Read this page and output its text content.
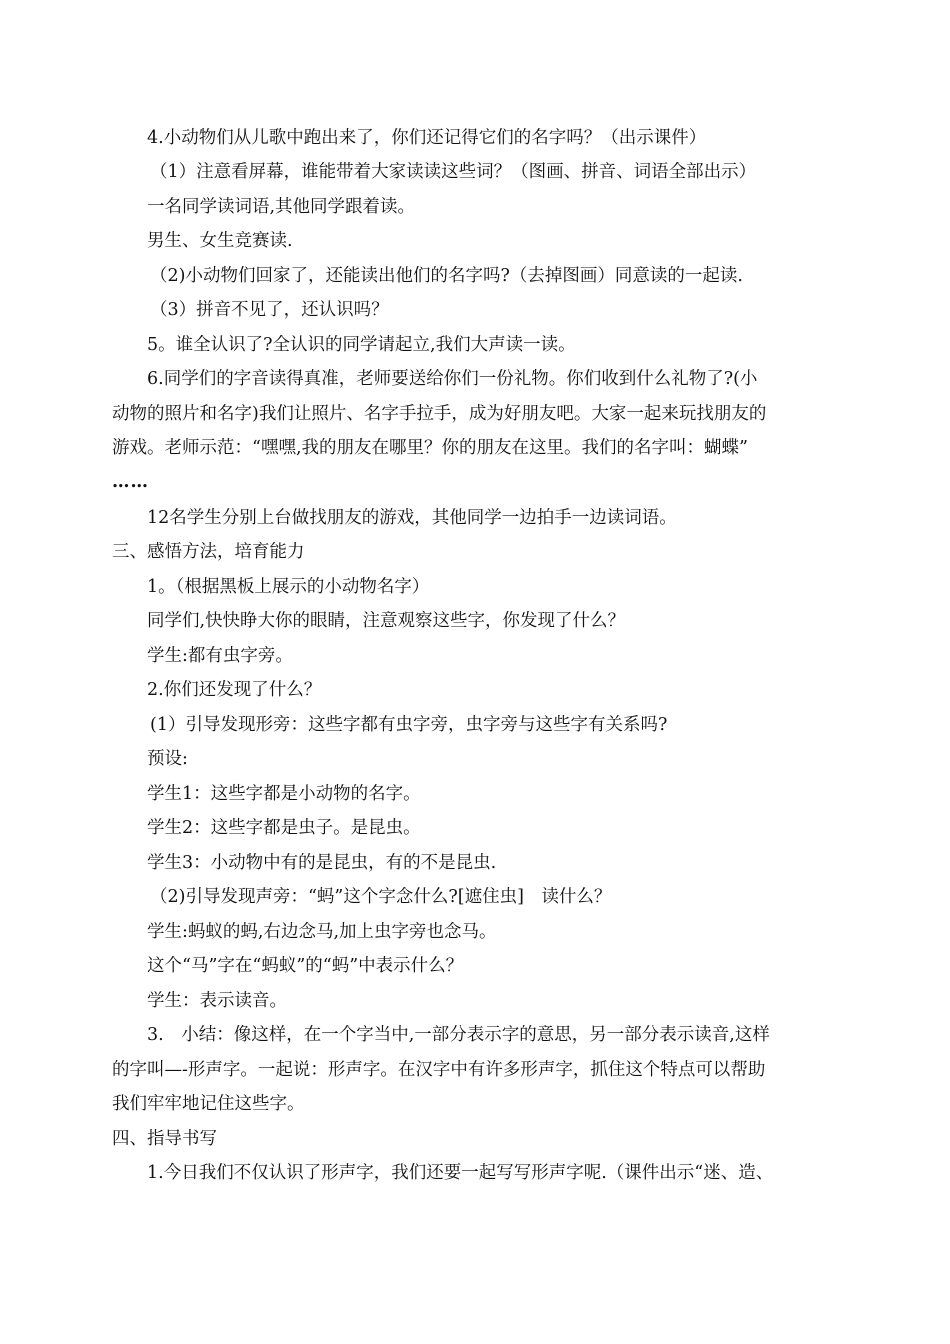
4.小动物们从儿歌中跑出来了，你们还记得它们的名字吗？（出示课件）
（1）注意看屏幕，谁能带着大家读读这些词？（图画、拼音、词语全部出示）
一名同学读词语,其他同学跟着读。
男生、女生竞赛读.
（2)小动物们回家了，还能读出他们的名字吗?（去掉图画）同意读的一起读.
（3）拼音不见了，还认识吗？
5。谁全认识了?全认识的同学请起立,我们大声读一读。
6.同学们的字音读得真准，老师要送给你们一份礼物。你们收到什么礼物了?(小
动物的照片和名字)我们让照片、名字手拉手，成为好朋友吧。大家一起来玩找朋友的
游戏。老师示范：“嘿嘿,我的朋友在哪里？你的朋友在这里。我们的名字叫：蝴蝶”
……
12名学生分别上台做找朋友的游戏，其他同学一边拍手一边读词语。
三、感悟方法，培育能力
1。（根据黑板上展示的小动物名字）
同学们,快快睁大你的眼睛，注意观察这些字，你发现了什么？
学生:都有虫字旁。
2.你们还发现了什么？
(1）引导发现形旁：这些字都有虫字旁，虫字旁与这些字有关系吗?
预设:
学生1：这些字都是小动物的名字。
学生2：这些字都是虫子。是昆虫。
学生3：小动物中有的是昆虫，有的不是昆虫.
（2)引导发现声旁：“蚂”这个字念什么?[遮住虫]　读什么？
学生:蚂蚁的蚂,右边念马,加上虫字旁也念马。
这个“马”字在“蚂蚁”的“蚂”中表示什么？
学生：表示读音。
3.　小结：像这样，在一个字当中,一部分表示字的意思，另一部分表示读音,这样
的字叫—-形声字。一起说：形声字。在汉字中有许多形声字，抓住这个特点可以帮助
我们牢牢地记住这些字。
四、指导书写
1.今日我们不仅认识了形声字，我们还要一起写写形声字呢.（课件出示“迷、造、
